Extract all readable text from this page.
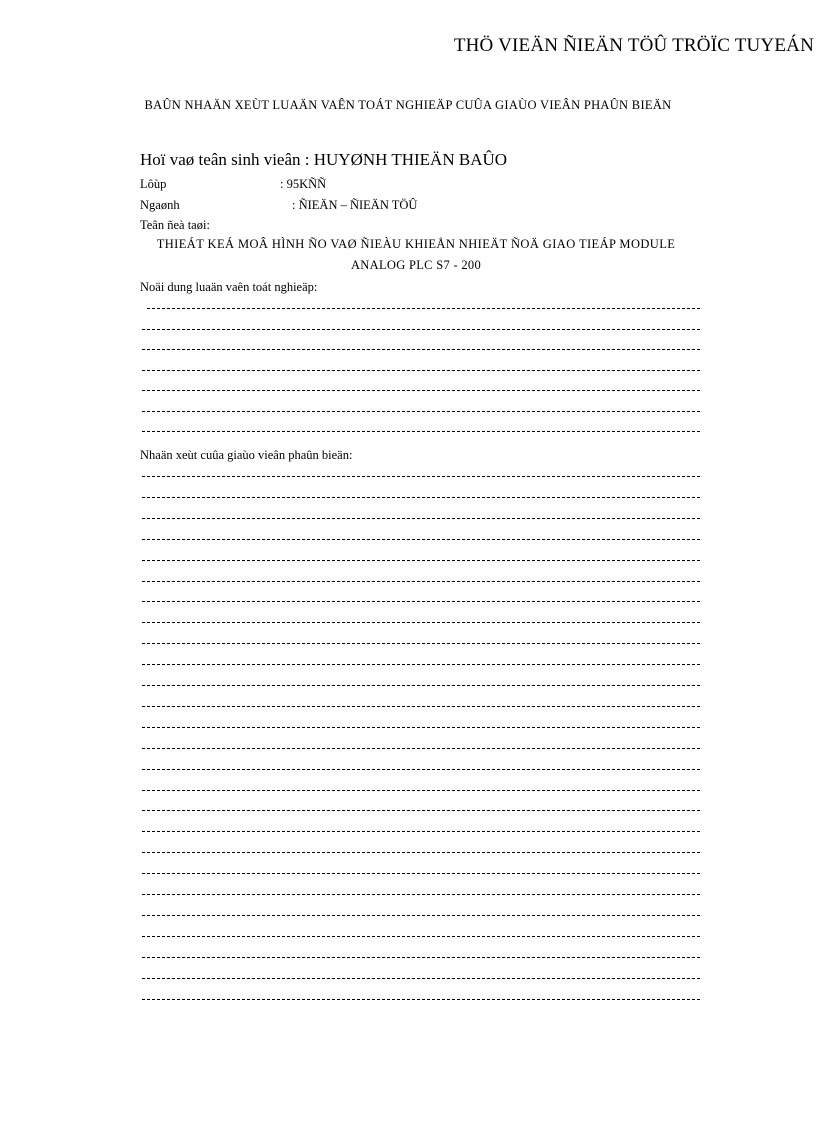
THÖ VIEÄN ÑIEÄN TÖÛ TRÖÏC TUYEÁN
BAÛN NHAÄN XEÙT LUAÄN VAÊN TOÁT NGHIEÄP CUÛA GIAÙO VIEÂN PHAÛN BIEÄN
Hoï vaø teân sinh vieân : HUYØNH THIEÄN BAÛO
Lôùp	: 95KÑÑ
Ngaønh	: ÑIEÄN – ÑIEÄN TÖÛ
Teân ñeà taøi:
THIEÁT KEÁ MOÂ HÌNH ÑO VAØ ÑIEÀU KHIEÅN NHIEÄT ÑOÄ GIAO TIEÁP MODULE
ANALOG PLC S7 - 200
Noäi dung luaän vaên toát nghieäp:
Nhaän xeùt cuûa giaùo vieân phaûn bieän:
